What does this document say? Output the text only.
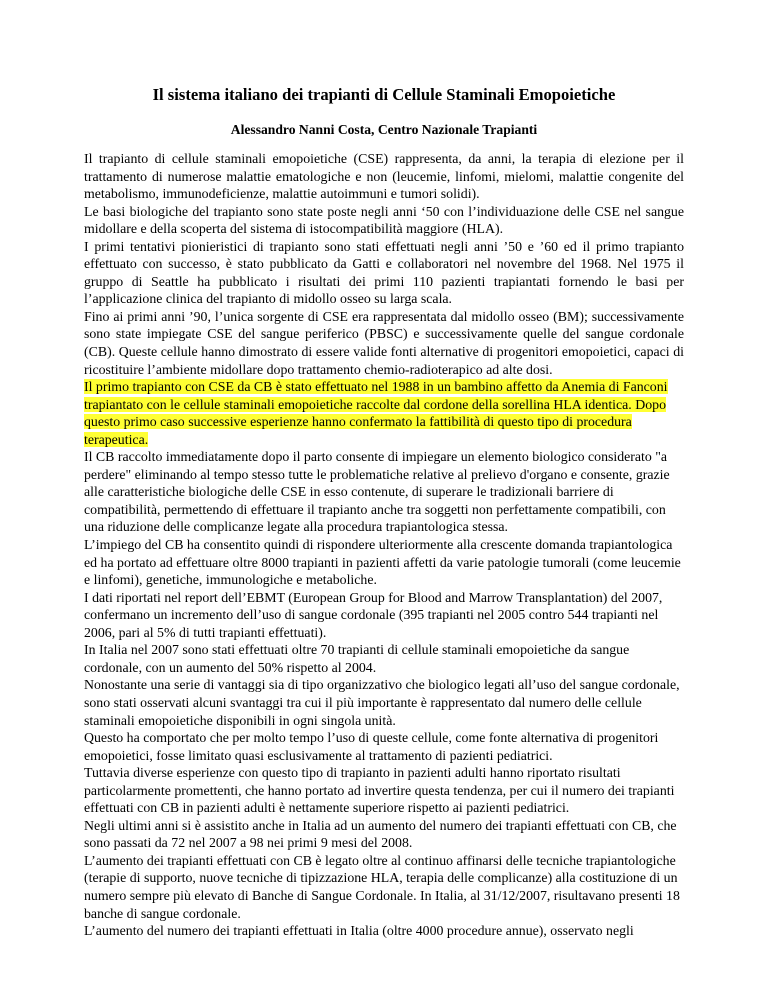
Il sistema italiano dei trapianti di Cellule Staminali Emopoietiche
Alessandro Nanni Costa, Centro Nazionale Trapianti

Il trapianto di cellule staminali emopoietiche (CSE) rappresenta, da anni, la terapia di elezione per il trattamento di numerose malattie ematologiche e non (leucemie, linfomi, mielomi, malattie congenite del metabolismo, immunodeficienze, malattie autoimmuni e tumori solidi).

Le basi biologiche del trapianto sono state poste negli anni ‘50 con l’individuazione delle CSE nel sangue midollare e della scoperta del sistema di istocompatibilità maggiore (HLA).

I primi tentativi pionieristici di trapianto sono stati effettuati negli anni ’50 e ’60 ed il primo trapianto effettuato con successo, è stato pubblicato da Gatti e collaboratori nel novembre del 1968. Nel 1975 il gruppo di Seattle ha pubblicato i risultati dei primi 110 pazienti trapiantati fornendo le basi per l’applicazione clinica del trapianto di midollo osseo su larga scala.

Fino ai primi anni ’90, l’unica sorgente di CSE era rappresentata dal midollo osseo (BM); successivamente sono state impiegate CSE del sangue periferico (PBSC) e successivamente quelle del sangue cordonale (CB). Queste cellule hanno dimostrato di essere valide fonti alternative di progenitori emopoietici, capaci di ricostituire l’ambiente midollare dopo trattamento chemio-radioterapico ad alte dosi.

Il primo trapianto con CSE da CB è stato effettuato nel 1988 in un bambino affetto da Anemia di Fanconi trapiantato con le cellule staminali emopoietiche raccolte dal cordone della sorellina HLA identica. Dopo questo primo caso successive esperienze hanno confermato la fattibilità di questo tipo di procedura terapeutica.

Il CB raccolto immediatamente dopo il parto consente di impiegare un elemento biologico considerato "a perdere" eliminando al tempo stesso tutte le problematiche relative al prelievo d'organo e consente, grazie alle caratteristiche biologiche delle CSE in esso contenute, di superare le tradizionali barriere di compatibilità, permettendo di effettuare il trapianto anche tra soggetti non perfettamente compatibili, con una riduzione delle complicanze legate alla procedura trapiantologica stessa.

L’impiego del CB ha consentito quindi di rispondere ulteriormente alla crescente domanda trapiantologica ed ha portato ad effettuare oltre 8000 trapianti in pazienti affetti da varie patologie tumorali (come leucemie e linfomi), genetiche, immunologiche e metaboliche.

I dati riportati nel report dell’EBMT (European Group for Blood and Marrow Transplantation) del 2007, confermano un incremento dell’uso di sangue cordonale (395 trapianti nel 2005 contro 544 trapianti nel 2006, pari al 5% di tutti trapianti effettuati).

In Italia nel 2007 sono stati effettuati oltre 70 trapianti di cellule staminali emopoietiche da sangue cordonale, con un aumento del 50% rispetto al 2004.

Nonostante una serie di vantaggi sia di tipo organizzativo che biologico legati all’uso del sangue cordonale, sono stati osservati alcuni svantaggi tra cui il più importante è rappresentato dal numero delle cellule staminali emopoietiche disponibili in ogni singola unità.

Questo ha comportato che per molto tempo l’uso di queste cellule, come fonte alternativa di progenitori emopoietici, fosse limitato quasi esclusivamente al trattamento di pazienti pediatrici.

Tuttavia diverse esperienze con questo tipo di trapianto in pazienti adulti hanno riportato risultati particolarmente promettenti, che hanno portato ad invertire questa tendenza, per cui il numero dei trapianti effettuati con CB in pazienti adulti è nettamente superiore rispetto ai pazienti pediatrici.

Negli ultimi anni si è assistito anche in Italia ad un aumento del numero dei trapianti effettuati con CB, che sono passati da 72 nel 2007 a 98 nei primi 9 mesi del 2008.

L’aumento dei trapianti effettuati con CB è legato oltre al continuo affinarsi delle tecniche trapiantologiche (terapie di supporto, nuove tecniche di tipizzazione HLA, terapia delle complicanze) alla costituzione di un numero sempre più elevato di Banche di Sangue Cordonale. In Italia, al 31/12/2007, risultavano presenti 18 banche di sangue cordonale.

L’aumento del numero dei trapianti effettuati in Italia (oltre 4000 procedure annue), osservato negli
